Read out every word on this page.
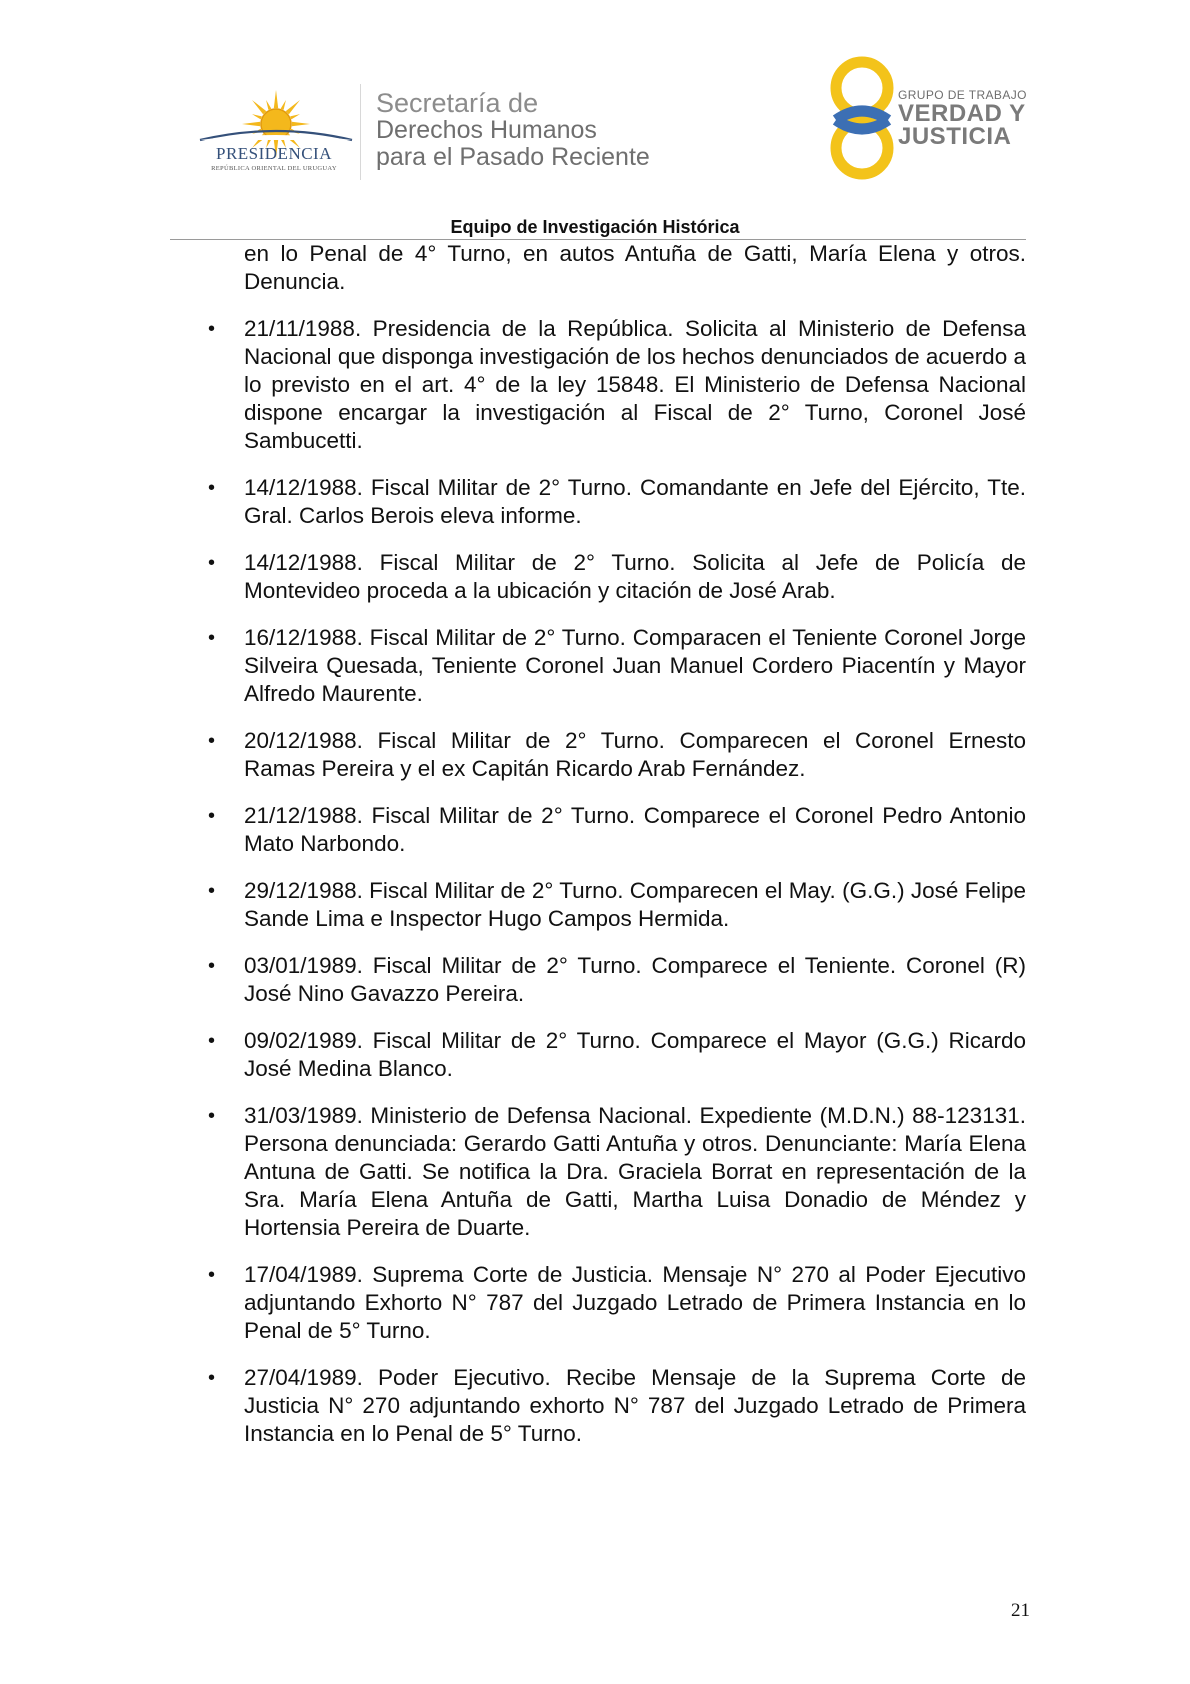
PRESIDENCIA
REPÚBLICA ORIENTAL DEL URUGUAY
Secretaría de
Derechos Humanos
para el Pasado Reciente
GRUPO DE TRABAJO
VERDAD Y
JUSTICIA
Equipo de Investigación Histórica

en lo Penal de 4° Turno, en autos Antuña de Gatti, María Elena y otros. Denuncia.

• 21/11/1988. Presidencia de la República. Solicita al Ministerio de Defensa Nacional que disponga investigación de los hechos denunciados de acuerdo a lo previsto en el art. 4° de la ley 15848. El Ministerio de Defensa Nacional dispone encargar la investigación al Fiscal de 2° Turno, Coronel José Sambucetti.
• 14/12/1988. Fiscal Militar de 2° Turno. Comandante en Jefe del Ejército, Tte. Gral. Carlos Berois eleva informe.
• 14/12/1988. Fiscal Militar de 2° Turno. Solicita al Jefe de Policía de Montevideo proceda a la ubicación y citación de José Arab.
• 16/12/1988. Fiscal Militar de 2° Turno. Comparacen el Teniente Coronel Jorge Silveira Quesada, Teniente Coronel Juan Manuel Cordero Piacentín y Mayor Alfredo Maurente.
• 20/12/1988. Fiscal Militar de 2° Turno. Comparecen el Coronel Ernesto Ramas Pereira y el ex Capitán Ricardo Arab Fernández.
• 21/12/1988. Fiscal Militar de 2° Turno. Comparece el Coronel Pedro Antonio Mato Narbondo.
• 29/12/1988. Fiscal Militar de 2° Turno. Comparecen el May. (G.G.) José Felipe Sande Lima e Inspector Hugo Campos Hermida.
• 03/01/1989. Fiscal Militar de 2° Turno. Comparece el Teniente. Coronel (R) José Nino Gavazzo Pereira.
• 09/02/1989. Fiscal Militar de 2° Turno. Comparece el Mayor (G.G.) Ricardo José Medina Blanco.
• 31/03/1989. Ministerio de Defensa Nacional. Expediente (M.D.N.) 88-123131. Persona denunciada: Gerardo Gatti Antuña y otros. Denunciante: María Elena Antuna de Gatti. Se notifica la Dra. Graciela Borrat en representación de la Sra. María Elena Antuña de Gatti, Martha Luisa Donadio de Méndez y Hortensia Pereira de Duarte.
• 17/04/1989. Suprema Corte de Justicia. Mensaje N° 270 al Poder Ejecutivo adjuntando Exhorto N° 787 del Juzgado Letrado de Primera Instancia en lo Penal de 5° Turno.
• 27/04/1989. Poder Ejecutivo. Recibe Mensaje de la Suprema Corte de Justicia N° 270 adjuntando exhorto N° 787 del Juzgado Letrado de Primera Instancia en lo Penal de 5° Turno.
21
